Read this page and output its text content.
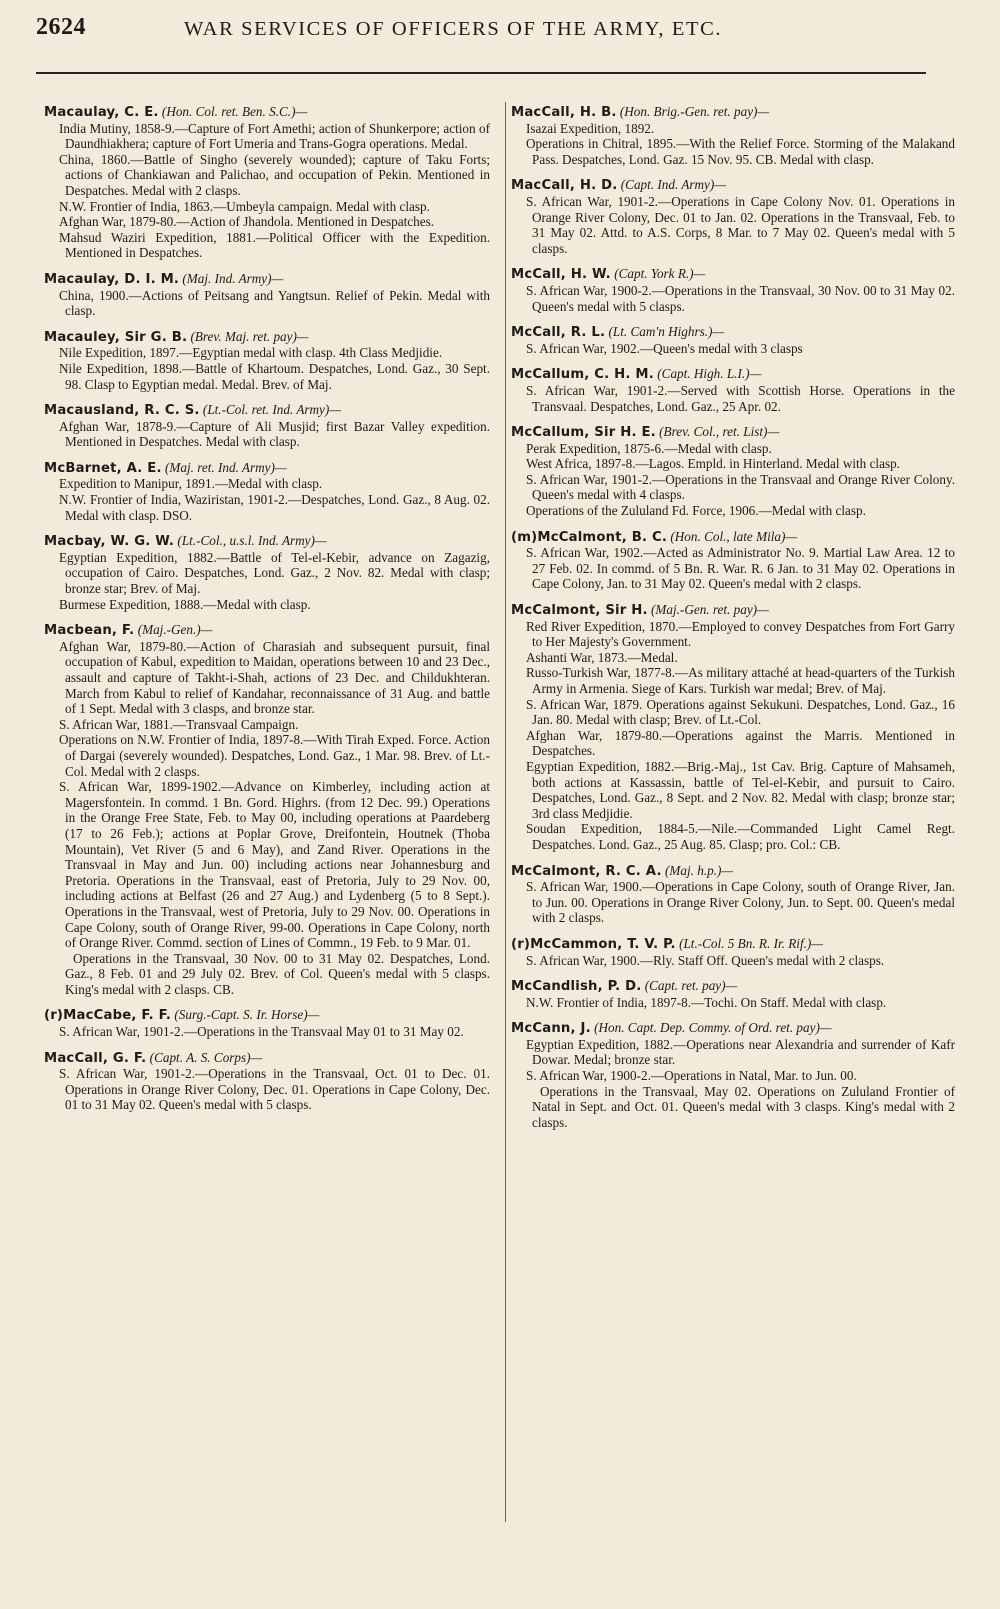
2624	WAR SERVICES OF OFFICERS OF THE ARMY, ETC.

Macaulay, C. E. (Hon. Col. ret. Ben. S.C.)—

India Mutiny, 1858-9.—Capture of Fort Amethi; action of Shunkerpore; action of Daundhiakhera; capture of Fort Umeria and Trans-Gogra operations. Medal.

China, 1860.—Battle of Singho (severely wounded); capture of Taku Forts; actions of Chankiawan and Palichao, and occupation of Pekin. Mentioned in Despatches. Medal with 2 clasps.

N.W. Frontier of India, 1863.—Umbeyla campaign. Medal with clasp.

Afghan War, 1879-80.—Action of Jhandola. Mentioned in Despatches.

Mahsud Waziri Expedition, 1881.—Political Officer with the Expedition. Mentioned in Despatches.

Macaulay, D. I. M. (Maj. Ind. Army)—

China, 1900.—Actions of Peitsang and Yangtsun. Relief of Pekin. Medal with clasp.

Macauley, Sir G. B. (Brev. Maj. ret. pay)—

Nile Expedition, 1897.—Egyptian medal with clasp. 4th Class Medjidie.

Nile Expedition, 1898.—Battle of Khartoum. Despatches, Lond. Gaz., 30 Sept. 98. Clasp to Egyptian medal. Medal. Brev. of Maj.

Macausland, R. C. S. (Lt.-Col. ret. Ind. Army)—

Afghan War, 1878-9.—Capture of Ali Musjid; first Bazar Valley expedition. Mentioned in Despatches. Medal with clasp.

McBarnet, A. E. (Maj. ret. Ind. Army)—

Expedition to Manipur, 1891.—Medal with clasp.

N.W. Frontier of India, Waziristan, 1901-2.—Despatches, Lond. Gaz., 8 Aug. 02. Medal with clasp. DSO.

Macbay, W. G. W. (Lt.-Col., u.s.l. Ind. Army)—

Egyptian Expedition, 1882.—Battle of Tel-el-Kebir, advance on Zagazig, occupation of Cairo. Despatches, Lond. Gaz., 2 Nov. 82. Medal with clasp; bronze star; Brev. of Maj.

Burmese Expedition, 1888.—Medal with clasp.

Macbean, F. (Maj.-Gen.)—

Afghan War, 1879-80.—Action of Charasiah and subsequent pursuit, final occupation of Kabul, expedition to Maidan, operations between 10 and 23 Dec., assault and capture of Takht-i-Shah, actions of 23 Dec. and Childukhteran. March from Kabul to relief of Kandahar, reconnaissance of 31 Aug. and battle of 1 Sept. Medal with 3 clasps, and bronze star.

S. African War, 1881.—Transvaal Campaign.

Operations on N.W. Frontier of India, 1897-8.—With Tirah Exped. Force. Action of Dargai (severely wounded). Despatches, Lond. Gaz., 1 Mar. 98. Brev. of Lt.-Col. Medal with 2 clasps.

S. African War, 1899-1902.—Advance on Kimberley, including action at Magersfontein. In commd. 1 Bn. Gord. Highrs. (from 12 Dec. 99.) Operations in the Orange Free State, Feb. to May 00, including operations at Paardeberg (17 to 26 Feb.); actions at Poplar Grove, Dreifontein, Houtnek (Thoba Mountain), Vet River (5 and 6 May), and Zand River. Operations in the Transvaal in May and Jun. 00) including actions near Johannesburg and Pretoria. Operations in the Transvaal, east of Pretoria, July to 29 Nov. 00, including actions at Belfast (26 and 27 Aug.) and Lydenberg (5 to 8 Sept.). Operations in the Transvaal, west of Pretoria, July to 29 Nov. 00. Operations in Cape Colony, south of Orange River, 99-00. Operations in Cape Colony, north of Orange River. Commd. section of Lines of Commn., 19 Feb. to 9 Mar. 01.

Operations in the Transvaal, 30 Nov. 00 to 31 May 02. Despatches, Lond. Gaz., 8 Feb. 01 and 29 July 02. Brev. of Col. Queen's medal with 5 clasps. King's medal with 2 clasps. CB.

(r)MacCabe, F. F. (Surg.-Capt. S. Ir. Horse)—

S. African War, 1901-2.—Operations in the Transvaal May 01 to 31 May 02.

MacCall, G. F. (Capt. A. S. Corps)—

S. African War, 1901-2.—Operations in the Transvaal, Oct. 01 to Dec. 01. Operations in Orange River Colony, Dec. 01. Operations in Cape Colony, Dec. 01 to 31 May 02. Queen's medal with 5 clasps.

MacCall, H. B. (Hon. Brig.-Gen. ret. pay)—

Isazai Expedition, 1892.

Operations in Chitral, 1895.—With the Relief Force. Storming of the Malakand Pass. Despatches, Lond. Gaz. 15 Nov. 95. CB. Medal with clasp.

MacCall, H. D. (Capt. Ind. Army)—

S. African War, 1901-2.—Operations in Cape Colony Nov. 01. Operations in Orange River Colony, Dec. 01 to Jan. 02. Operations in the Transvaal, Feb. to 31 May 02. Attd. to A.S. Corps, 8 Mar. to 7 May 02. Queen's medal with 5 clasps.

McCall, H. W. (Capt. York R.)—

S. African War, 1900-2.—Operations in the Transvaal, 30 Nov. 00 to 31 May 02. Queen's medal with 5 clasps.

McCall, R. L. (Lt. Cam'n Highrs.)—

S. African War, 1902.—Queen's medal with 3 clasps

McCallum, C. H. M. (Capt. High. L.I.)—

S. African War, 1901-2.—Served with Scottish Horse. Operations in the Transvaal. Despatches, Lond. Gaz., 25 Apr. 02.

McCallum, Sir H. E. (Brev. Col., ret. List)—

Perak Expedition, 1875-6.—Medal with clasp.

West Africa, 1897-8.—Lagos. Empld. in Hinterland. Medal with clasp.

S. African War, 1901-2.—Operations in the Transvaal and Orange River Colony. Queen's medal with 4 clasps.

Operations of the Zululand Fd. Force, 1906.—Medal with clasp.

(m)McCalmont, B. C. (Hon. Col., late Mila)—

S. African War, 1902.—Acted as Administrator No. 9. Martial Law Area. 12 to 27 Feb. 02. In commd. of 5 Bn. R. War. R. 6 Jan. to 31 May 02. Operations in Cape Colony, Jan. to 31 May 02. Queen's medal with 2 clasps.

McCalmont, Sir H. (Maj.-Gen. ret. pay)—

Red River Expedition, 1870.—Employed to convey Despatches from Fort Garry to Her Majesty's Government.

Ashanti War, 1873.—Medal.

Russo-Turkish War, 1877-8.—As military attaché at head-quarters of the Turkish Army in Armenia. Siege of Kars. Turkish war medal; Brev. of Maj.

S. African War, 1879. Operations against Sekukuni. Despatches, Lond. Gaz., 16 Jan. 80. Medal with clasp; Brev. of Lt.-Col.

Afghan War, 1879-80.—Operations against the Marris. Mentioned in Despatches.

Egyptian Expedition, 1882.—Brig.-Maj., 1st Cav. Brig. Capture of Mahsameh, both actions at Kassassin, battle of Tel-el-Kebir, and pursuit to Cairo. Despatches, Lond. Gaz., 8 Sept. and 2 Nov. 82. Medal with clasp; bronze star; 3rd class Medjidie.

Soudan Expedition, 1884-5.—Nile.—Commanded Light Camel Regt. Despatches. Lond. Gaz., 25 Aug. 85. Clasp; pro. Col.: CB.

McCalmont, R. C. A. (Maj. h.p.)—

S. African War, 1900.—Operations in Cape Colony, south of Orange River, Jan. to Jun. 00. Operations in Orange River Colony, Jun. to Sept. 00. Queen's medal with 2 clasps.

(r)McCammon, T. V. P. (Lt.-Col. 5 Bn. R. Ir. Rif.)—

S. African War, 1900.—Rly. Staff Off. Queen's medal with 2 clasps.

McCandlish, P. D. (Capt. ret. pay)—

N.W. Frontier of India, 1897-8.—Tochi. On Staff. Medal with clasp.

McCann, J. (Hon. Capt. Dep. Commy. of Ord. ret. pay)—

Egyptian Expedition, 1882.—Operations near Alexandria and surrender of Kafr Dowar. Medal; bronze star.

S. African War, 1900-2.—Operations in Natal, Mar. to Jun. 00.

Operations in the Transvaal, May 02. Operations on Zululand Frontier of Natal in Sept. and Oct. 01. Queen's medal with 3 clasps. King's medal with 2 clasps.
